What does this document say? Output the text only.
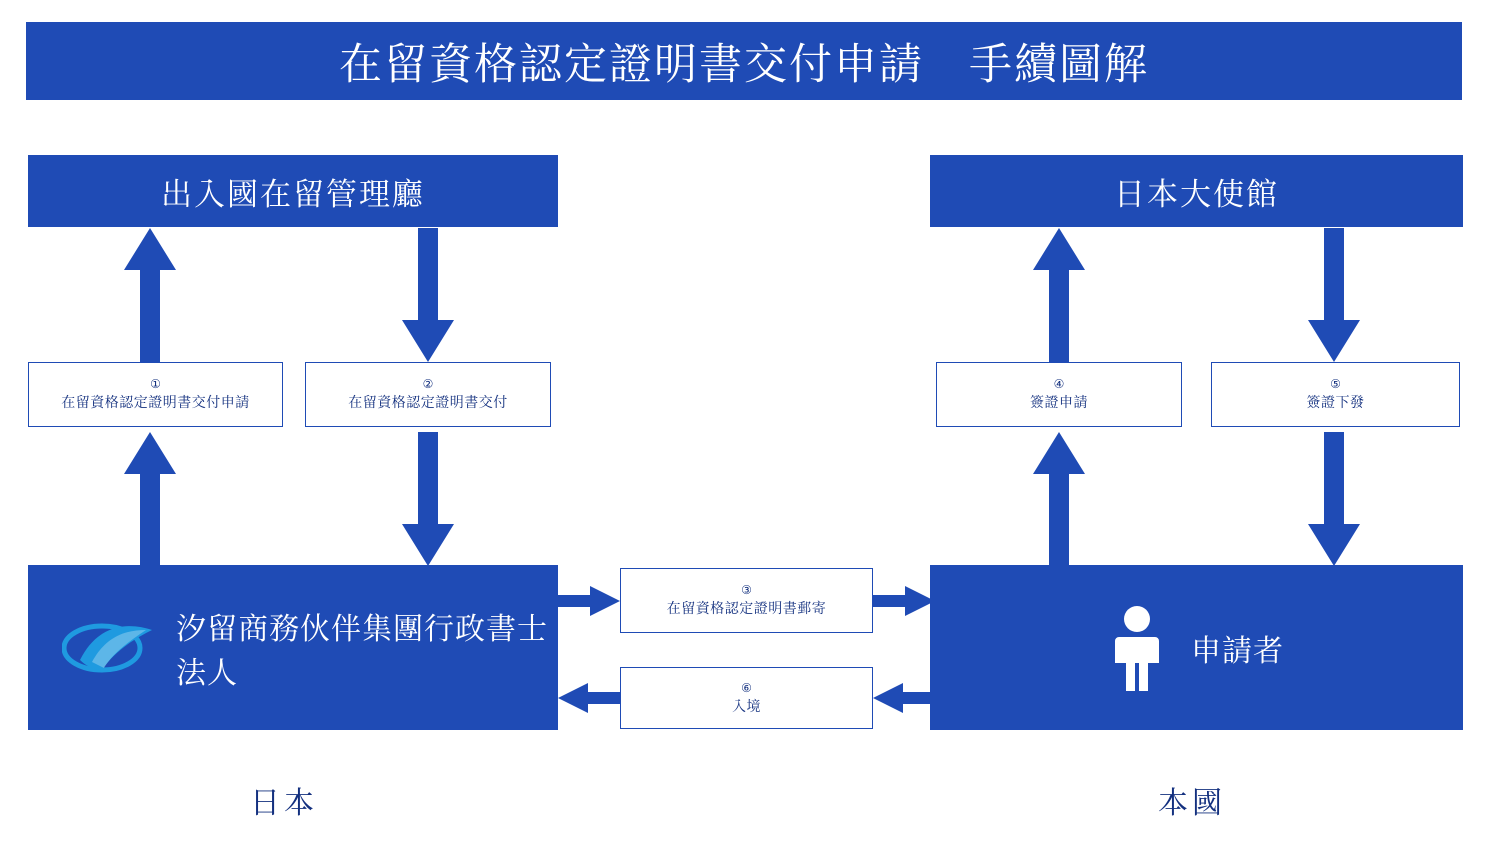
在留資格認定證明書交付申請　手續圖解
出入國在留管理廳	日本大使館
①
在留資格認定證明書交付申請
②
在留資格認定證明書交付
④
簽證申請
⑤
簽證下發
③
在留資格認定證明書郵寄
⑥
入境
汐留商務伙伴集團行政書士法人
申請者
日本	本國
